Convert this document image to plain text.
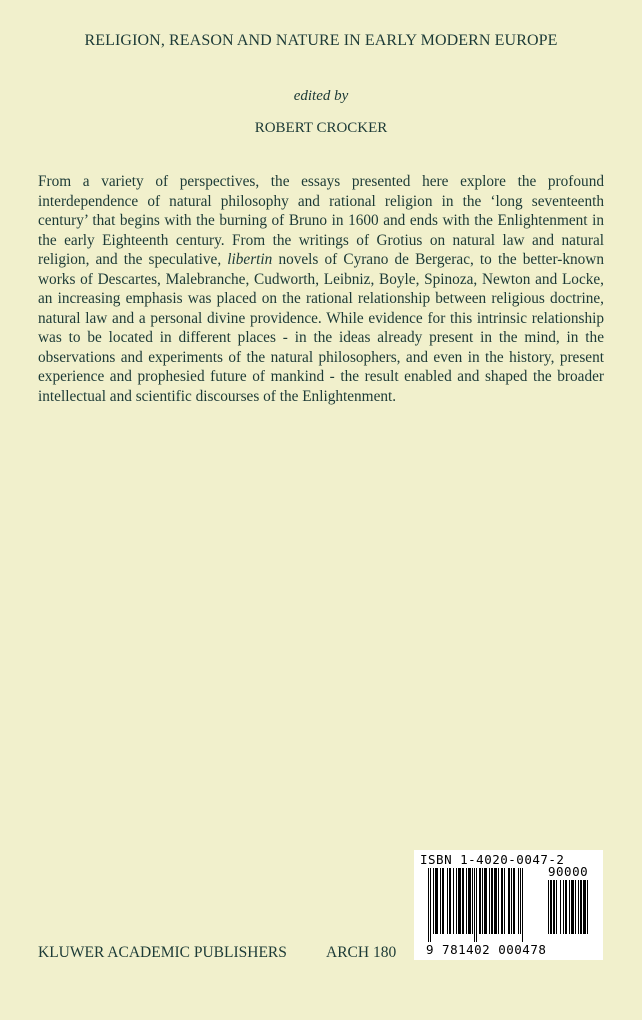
RELIGION, REASON AND NATURE IN EARLY MODERN EUROPE
edited by
ROBERT CROCKER

From a variety of perspectives, the essays presented here explore the profound interdependence of natural philosophy and rational religion in the ‘long seventeenth century’ that begins with the burning of Bruno in 1600 and ends with the Enlightenment in the early Eighteenth century. From the writings of Grotius on natural law and natural religion, and the speculative, libertin novels of Cyrano de Bergerac, to the better-known works of Descartes, Malebranche, Cudworth, Leibniz, Boyle, Spinoza, Newton and Locke, an increasing emphasis was placed on the rational relationship between religious doctrine, natural law and a personal divine providence. While evidence for this intrinsic relationship was to be located in different places - in the ideas already present in the mind, in the observations and experiments of the natural philosophers, and even in the history, present experience and prophesied future of mankind - the result enabled and shaped the broader intellectual and scientific discourses of the Enlightenment.

KLUWER ACADEMIC PUBLISHERS	ARCH 180
ISBN 1-4020-0047-2
90000
9 781402 000478
